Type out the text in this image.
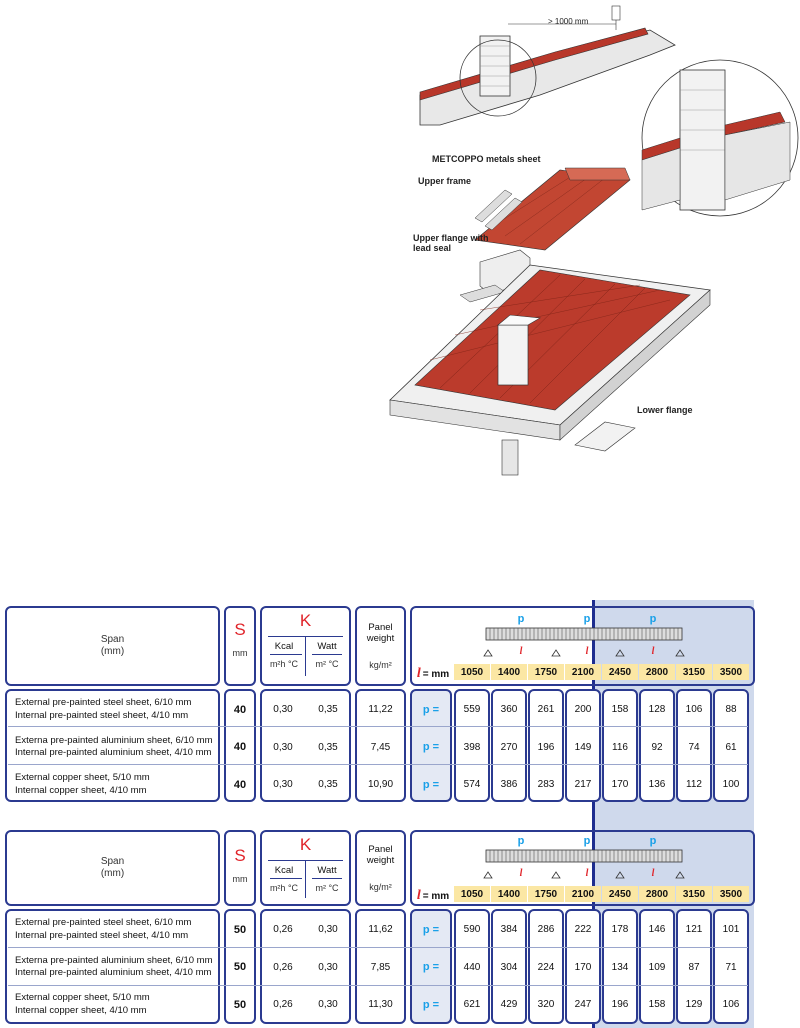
> 1000 mm
METCOPPO metals sheet
Upper frame
Upper flange with
lead seal
Lower flange
Span
(mm)
S
mm
K
Kcal
m²h °C
Watt
m² °C
Panel
weight
kg/m²
p	p	p
l	l	l
l = mm	1050	1400	1750	2100	2450	2800	3150	3500
External pre-painted steel sheet, 6/10 mm
Internal pre-painted steel sheet, 4/10 mm	40	0,30	0,35	11,22	p =	559	360	261	200	158	128	106	88
Externa pre-painted aluminium sheet, 6/10 mm
Internal pre-painted aluminium sheet, 4/10 mm	40	0,30	0,35	7,45	p =	398	270	196	149	116	92	74	61
External copper sheet, 5/10 mm
Internal copper sheet, 4/10 mm	40	0,30	0,35	10,90	p =	574	386	283	217	170	136	112	100
Span
(mm)
S
mm
K
Kcal
m²h °C
Watt
m² °C
Panel
weight
kg/m²
p	p	p
l	l	l
l = mm	1050	1400	1750	2100	2450	2800	3150	3500
External pre-painted steel sheet, 6/10 mm
Internal pre-painted steel sheet, 4/10 mm	50	0,26	0,30	11,62	p =	590	384	286	222	178	146	121	101
Externa pre-painted aluminium sheet, 6/10 mm
Internal pre-painted aluminium sheet, 4/10 mm	50	0,26	0,30	7,85	p =	440	304	224	170	134	109	87	71
External copper sheet, 5/10 mm
Internal copper sheet, 4/10 mm	50	0,26	0,30	11,30	p =	621	429	320	247	196	158	129	106
